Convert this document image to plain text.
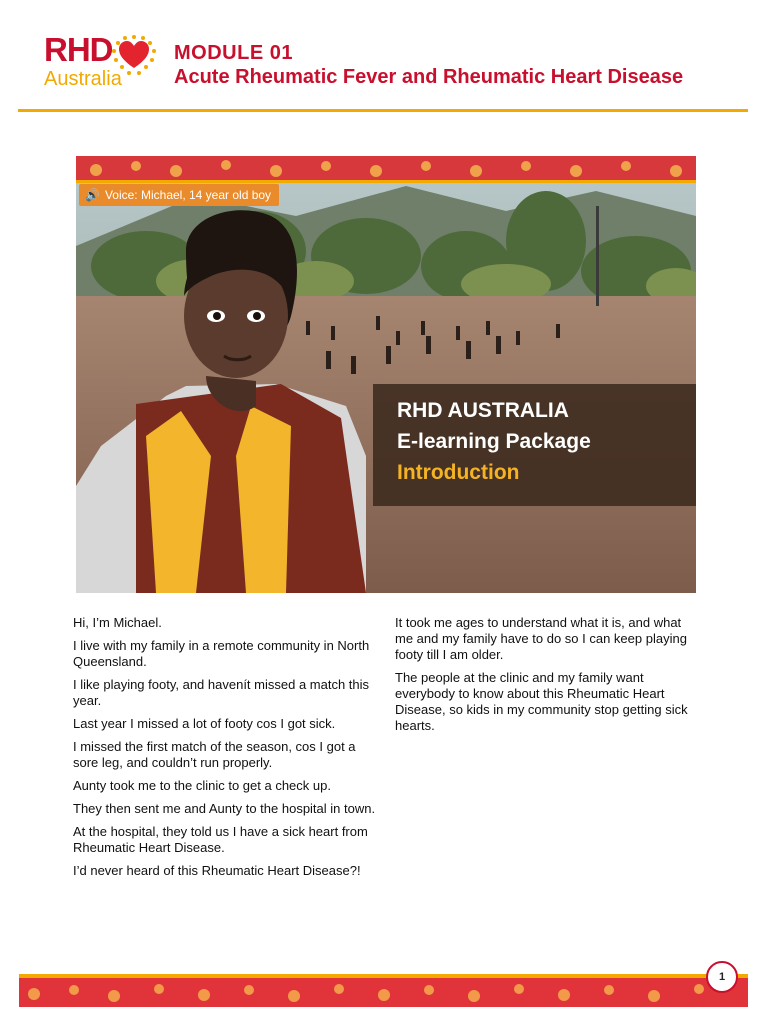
RHD
Australia
MODULE 01
Acute Rheumatic Fever and Rheumatic Heart Disease
🔊 Voice: Michael, 14 year old boy
RHD AUSTRALIA
E-learning Package
Introduction

Hi, I’m Michael.

I live with my family in a remote community in North Queensland.

I like playing footy, and havenít missed a match this year.

Last year I missed a lot of footy cos I got sick.

I missed the first match of the season, cos I got a sore leg, and couldn’t run properly.

Aunty took me to the clinic to get a check up.

They then sent me and Aunty to the hospital in town.

At the hospital, they told us I have a sick heart from Rheumatic Heart Disease.

I’d never heard of this Rheumatic Heart Disease?!

It took me ages to understand what it is, and what me and my family have to do so I can keep playing footy till I am older.

The people at the clinic and my family want everybody to know about this Rheumatic Heart Disease, so kids in my community stop getting sick hearts.

1
